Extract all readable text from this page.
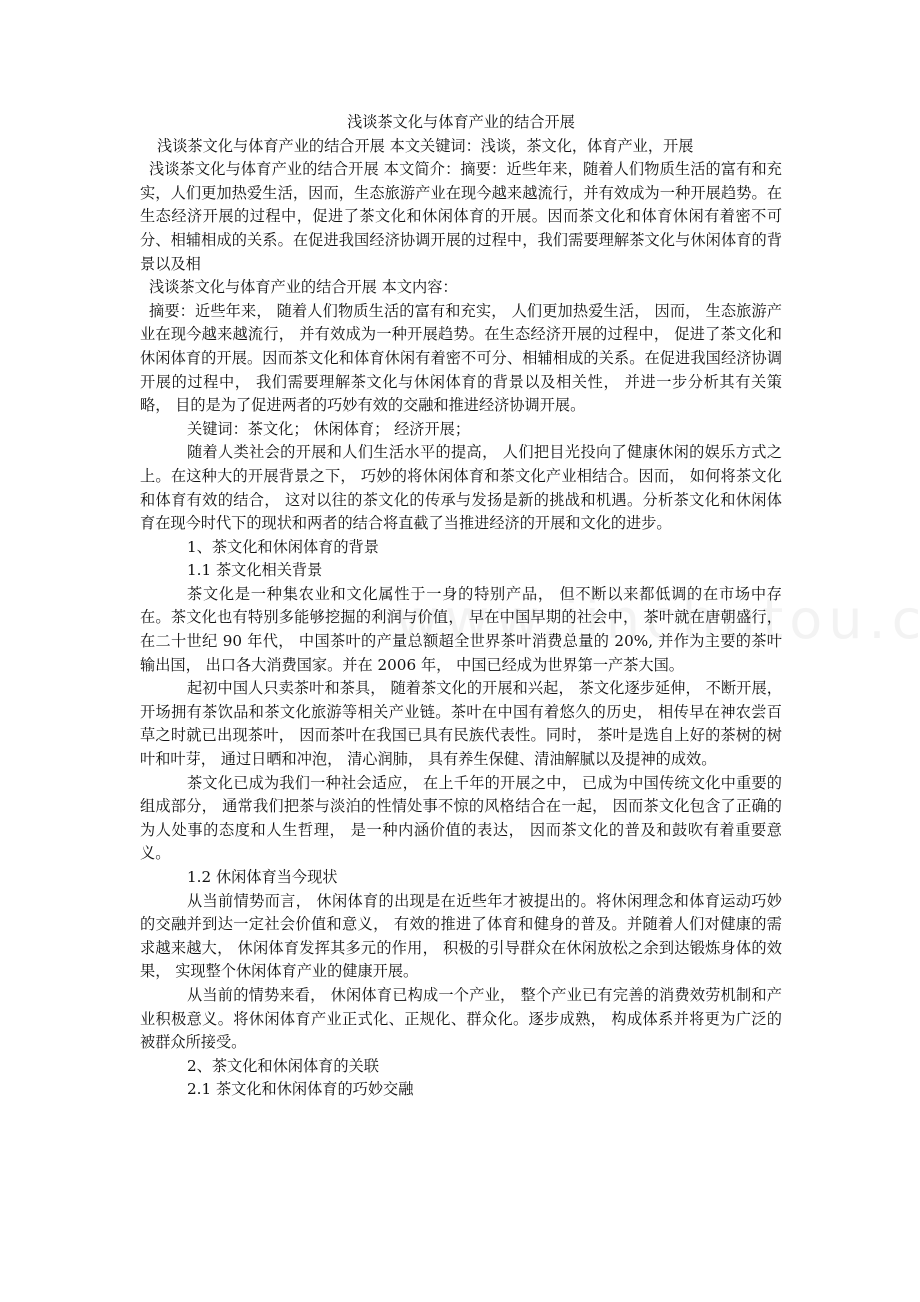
浅谈茶文化与体育产业的结合开展

浅谈茶文化与体育产业的结合开展 本文关键词：浅谈，茶文化，体育产业，开展

浅谈茶文化与体育产业的结合开展 本文简介：摘要：近些年来，随着人们物质生活的富有和充实，人们更加热爱生活，因而，生态旅游产业在现今越来越流行，并有效成为一种开展趋势。在生态经济开展的过程中，促进了茶文化和休闲体育的开展。因而茶文化和体育休闲有着密不可分、相辅相成的关系。在促进我国经济协调开展的过程中，我们需要理解茶文化与休闲体育的背景以及相

浅谈茶文化与体育产业的结合开展 本文内容：

摘要：近些年来， 随着人们物质生活的富有和充实， 人们更加热爱生活， 因而， 生态旅游产业在现今越来越流行， 并有效成为一种开展趋势。在生态经济开展的过程中， 促进了茶文化和休闲体育的开展。因而茶文化和体育休闲有着密不可分、相辅相成的关系。在促进我国经济协调开展的过程中， 我们需要理解茶文化与休闲体育的背景以及相关性， 并进一步分析其有关策略， 目的是为了促进两者的巧妙有效的交融和推进经济协调开展。

关键词：茶文化； 休闲体育； 经济开展；

随着人类社会的开展和人们生活水平的提高， 人们把目光投向了健康休闲的娱乐方式之上。在这种大的开展背景之下， 巧妙的将休闲体育和茶文化产业相结合。因而， 如何将茶文化和体育有效的结合， 这对以往的茶文化的传承与发扬是新的挑战和机遇。分析茶文化和休闲体育在现今时代下的现状和两者的结合将直截了当推进经济的开展和文化的进步。

1、茶文化和休闲体育的背景

1.1 茶文化相关背景

茶文化是一种集农业和文化属性于一身的特别产品， 但不断以来都低调的在市场中存在。茶文化也有特别多能够挖掘的利润与价值， 早在中国早期的社会中， 茶叶就在唐朝盛行， 在二十世纪 90 年代， 中国茶叶的产量总额超全世界茶叶消费总量的 20%, 并作为主要的茶叶输出国， 出口各大消费国家。并在 2006 年， 中国已经成为世界第一产茶大国。

起初中国人只卖茶叶和茶具， 随着茶文化的开展和兴起， 茶文化逐步延伸， 不断开展， 开场拥有茶饮品和茶文化旅游等相关产业链。茶叶在中国有着悠久的历史， 相传早在神农尝百草之时就已出现茶叶， 因而茶叶在我国已具有民族代表性。同时， 茶叶是选自上好的茶树的树叶和叶芽， 通过日晒和冲泡， 清心润肺， 具有养生保健、清油解腻以及提神的成效。

茶文化已成为我们一种社会适应， 在上千年的开展之中， 已成为中国传统文化中重要的组成部分， 通常我们把茶与淡泊的性情处事不惊的风格结合在一起， 因而茶文化包含了正确的为人处事的态度和人生哲理， 是一种内涵价值的表达， 因而茶文化的普及和鼓吹有着重要意义。

1.2 休闲体育当今现状

从当前情势而言， 休闲体育的出现是在近些年才被提出的。将休闲理念和体育运动巧妙的交融并到达一定社会价值和意义， 有效的推进了体育和健身的普及。并随着人们对健康的需求越来越大， 休闲体育发挥其多元的作用， 积极的引导群众在休闲放松之余到达锻炼身体的效果， 实现整个休闲体育产业的健康开展。

从当前的情势来看， 休闲体育已构成一个产业， 整个产业已有完善的消费效劳机制和产业积极意义。将休闲体育产业正式化、正规化、群众化。逐步成熟， 构成体系并将更为广泛的被群众所接受。

2、茶文化和休闲体育的关联

2.1 茶文化和休闲体育的巧妙交融
